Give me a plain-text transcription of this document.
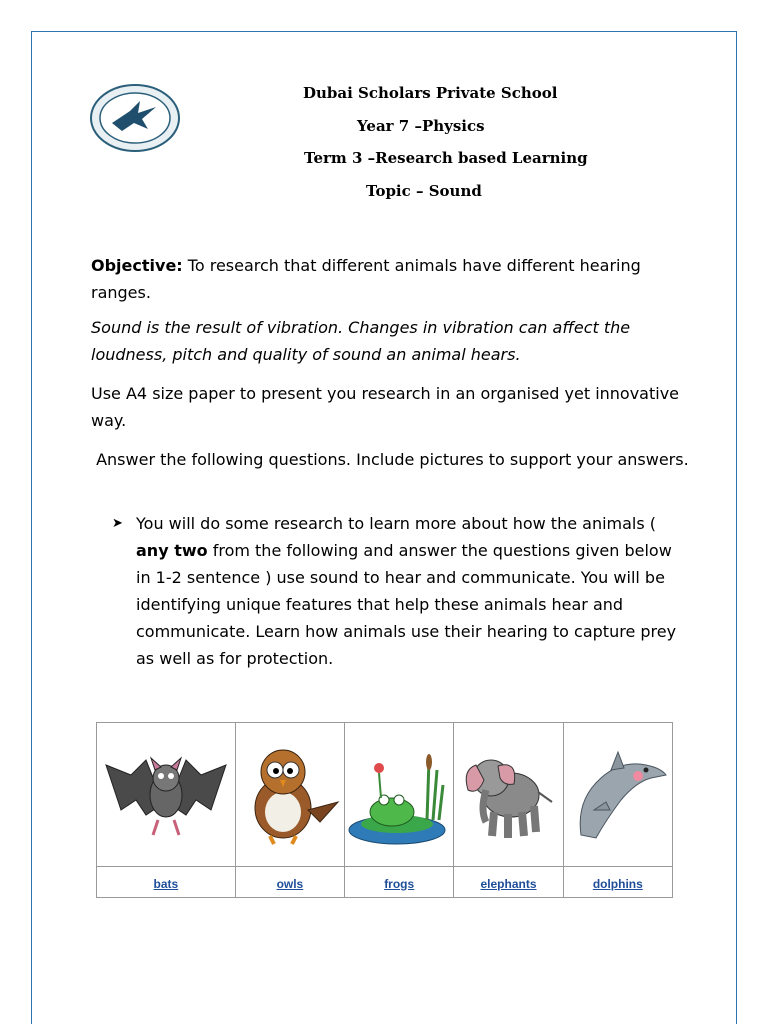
Dubai Scholars Private School
Year 7 –Physics
Term 3 –Research based Learning
Topic – Sound
Objective: To research that different animals have different hearing ranges.
Sound is the result of vibration. Changes in vibration can affect the loudness, pitch and quality of sound an animal hears.
Use A4 size paper to present you research in an organised yet innovative way.
Answer the following questions. Include pictures to support your answers.
➤ You will do some research to learn more about how the animals ( any two from the following and answer the questions given below in 1-2 sentence ) use sound to hear and communicate. You will be identifying unique features that help these animals hear and communicate. Learn how animals use their hearing to capture prey as well as for protection.

bats	owls	frogs	elephants	dolphins
